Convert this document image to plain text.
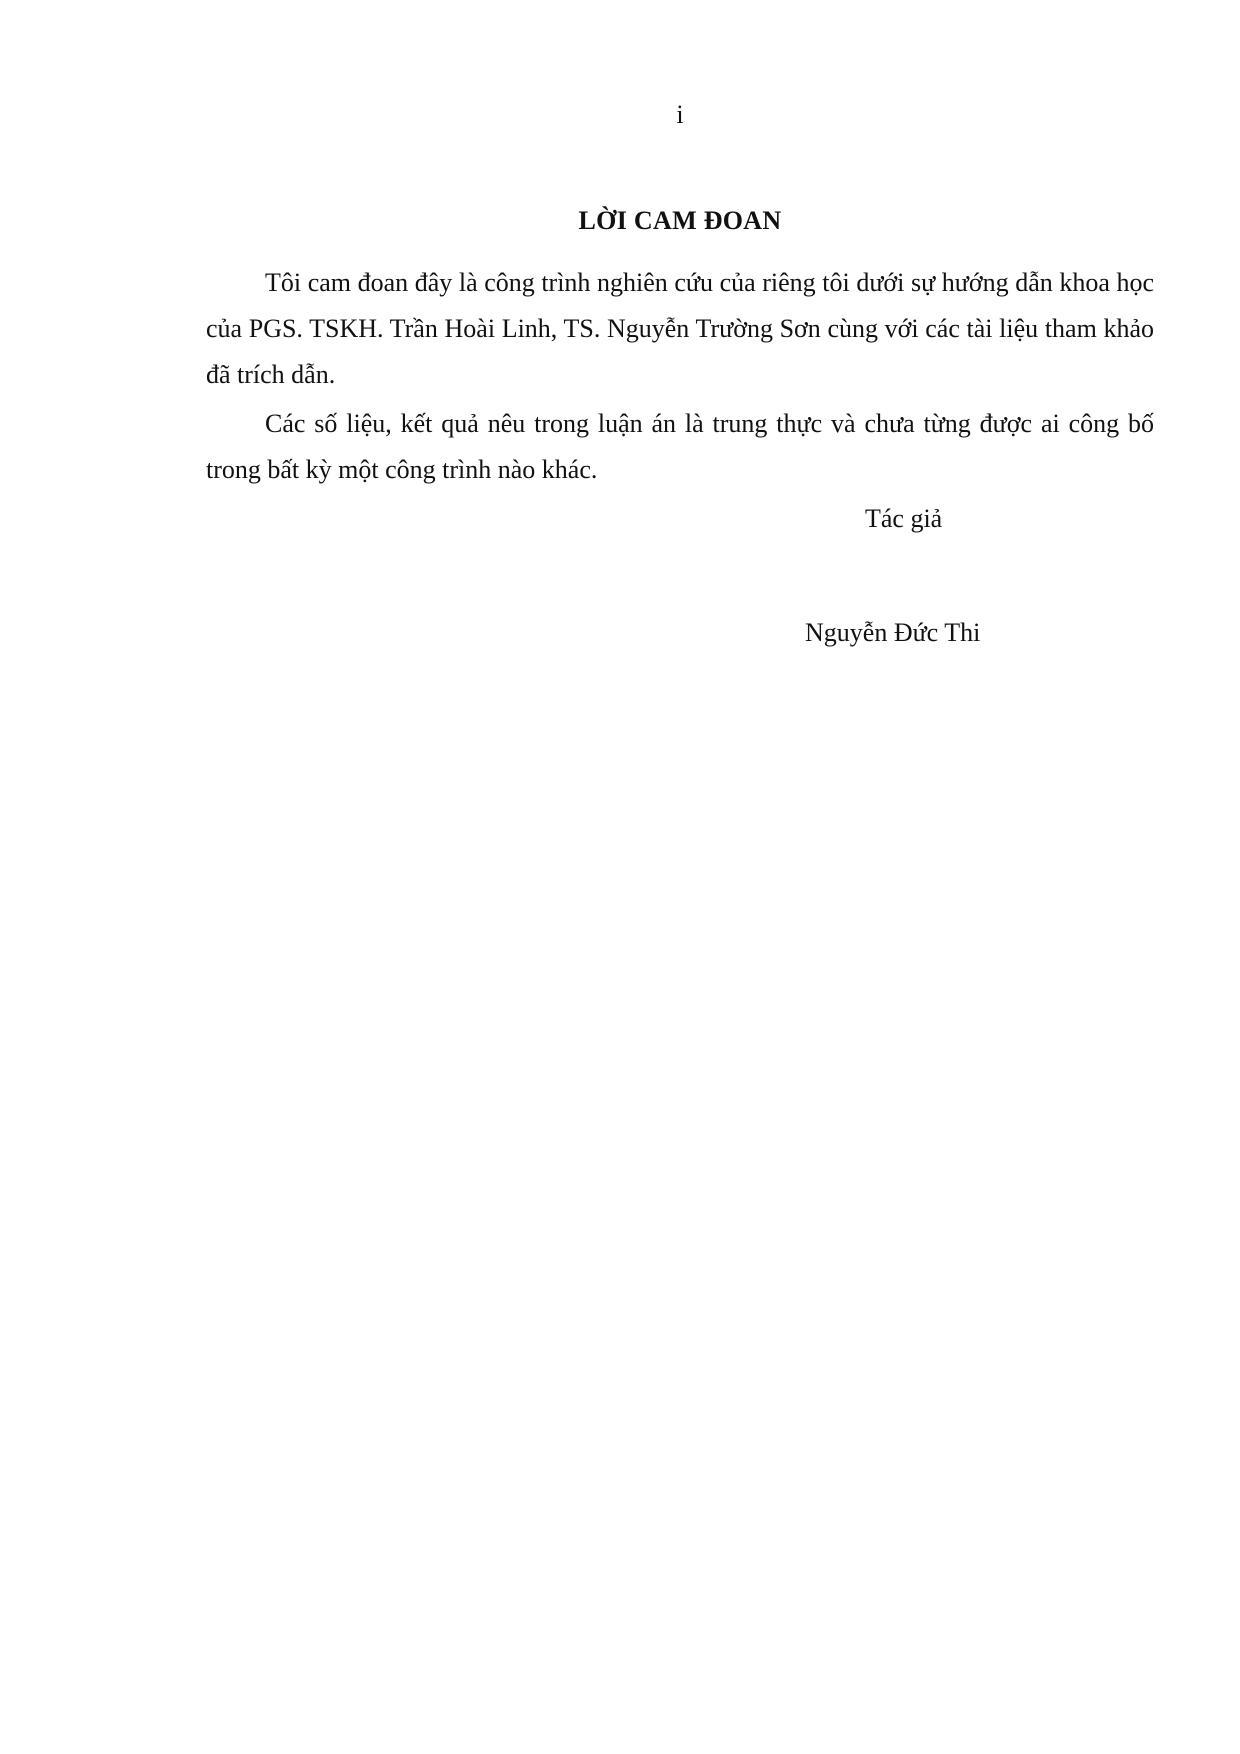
i
LỜI CAM ĐOAN

Tôi cam đoan đây là công trình nghiên cứu của riêng tôi dưới sự hướng dẫn khoa học của PGS. TSKH. Trần Hoài Linh, TS. Nguyễn Trường Sơn cùng với các tài liệu tham khảo đã trích dẫn.

Các số liệu, kết quả nêu trong luận án là trung thực và chưa từng được ai công bố trong bất kỳ một công trình nào khác.

Tác giả
Nguyễn Đức Thi
